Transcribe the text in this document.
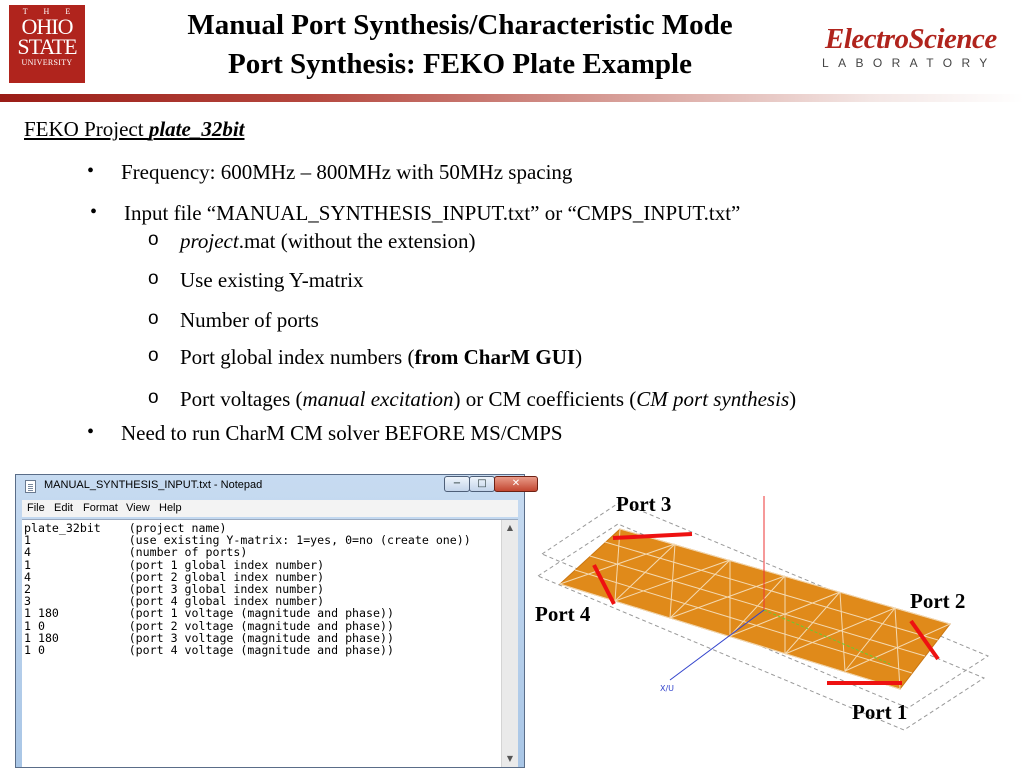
T H E
OHIO
STATE
UNIVERSITY
Manual Port Synthesis/Characteristic Mode
Port Synthesis: FEKO Plate Example
ElectroScience
LABORATORY
FEKO Project plate_32bit
• Frequency: 600MHz – 800MHz with 50MHz spacing
• Input file “MANUAL_SYNTHESIS_INPUT.txt” or “CMPS_INPUT.txt”
o project.mat (without the extension)
o Use existing Y-matrix
o Number of ports
o Port global index numbers (from CharM GUI)
o Port voltages (manual excitation) or CM coefficients (CM port synthesis)
• Need to run CharM CM solver BEFORE MS/CMPS
MANUAL_SYNTHESIS_INPUT.txt - Notepad	−	□	✕
File Edit Format View Help
plate_32bit    (project name)
1              (use existing Y-matrix: 1=yes, 0=no (create one))
4              (number of ports)
1              (port 1 global index number)
4              (port 2 global index number)
2              (port 3 global index number)
3              (port 4 global index number)
1 180          (port 1 voltage (magnitude and phase))
1 0            (port 2 voltage (magnitude and phase))
1 180          (port 3 voltage (magnitude and phase))
1 0            (port 4 voltage (magnitude and phase))
▲
▼
X/U
Port 3
Port 2
Port 4
Port 1
